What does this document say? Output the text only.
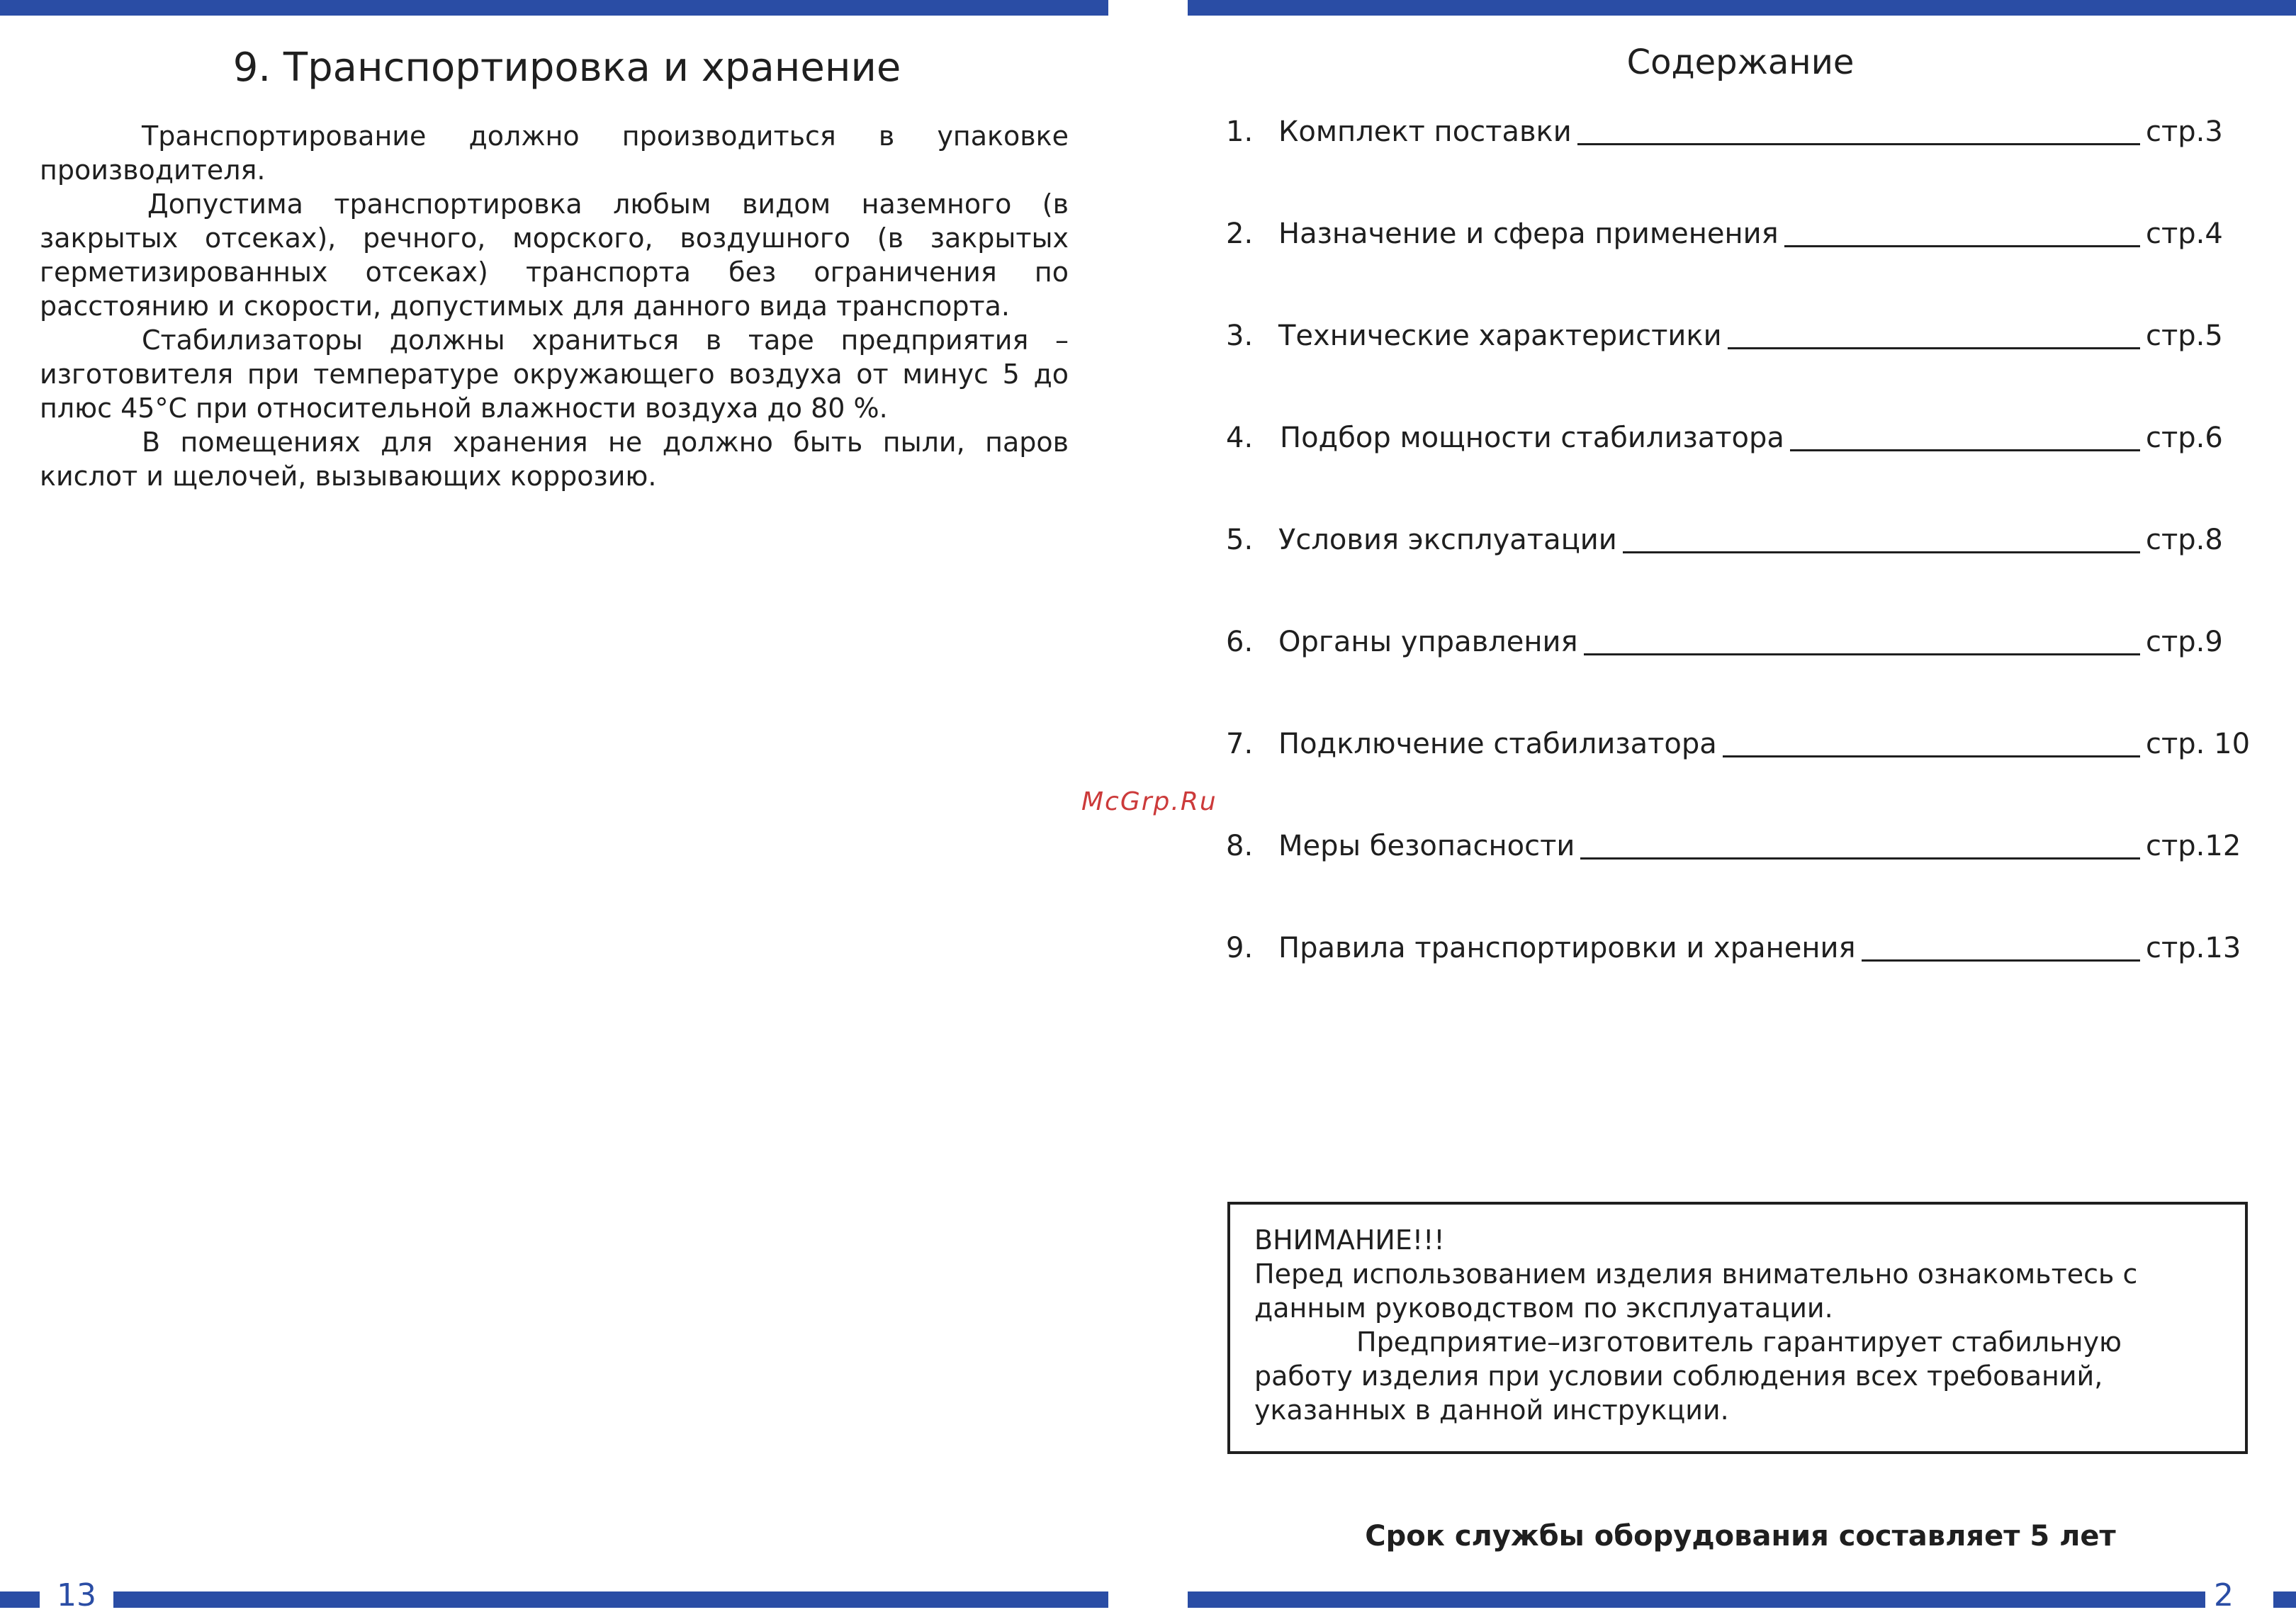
9. Транспортировка и хранение

Транспортирование должно производиться в упаковке производителя.

Допустима транспортировка любым видом наземного (в закрытых отсеках), речного, морского, воздушного (в закрытых герметизированных отсеках) транспорта без ограничения по расстоянию и скорости, допустимых для данного вида транспорта.

Стабилизаторы должны храниться в таре предприятия – изготовителя при температуре окружающего воздуха от минус 5 до плюс 45°С при относительной влажности воздуха до 80 %.

В помещениях для хранения не должно быть пыли, паров кислот и щелочей, вызывающих коррозию.

13
Содержание
1. Комплект поставки	стр.3
2. Назначение и сфера применения	стр.4
3. Технические характеристики	стр.5
4. Подбор мощности стабилизатора	стр.6
5. Условия эксплуатации	стр.8
6. Органы управления	стр.9
7. Подключение стабилизатора	стр. 10
8. Меры безопасности	стр.12
9. Правила транспортировки и хранения	стр.13

ВНИМАНИЕ!!!

Перед использованием изделия внимательно ознакомьтесь с данным руководством по эксплуатации.

Предприятие–изготовитель гарантирует стабильную работу изделия при условии соблюдения всех требований, указанных в данной инструкции.

Срок службы оборудования составляет 5 лет
2
McGrp.Ru
